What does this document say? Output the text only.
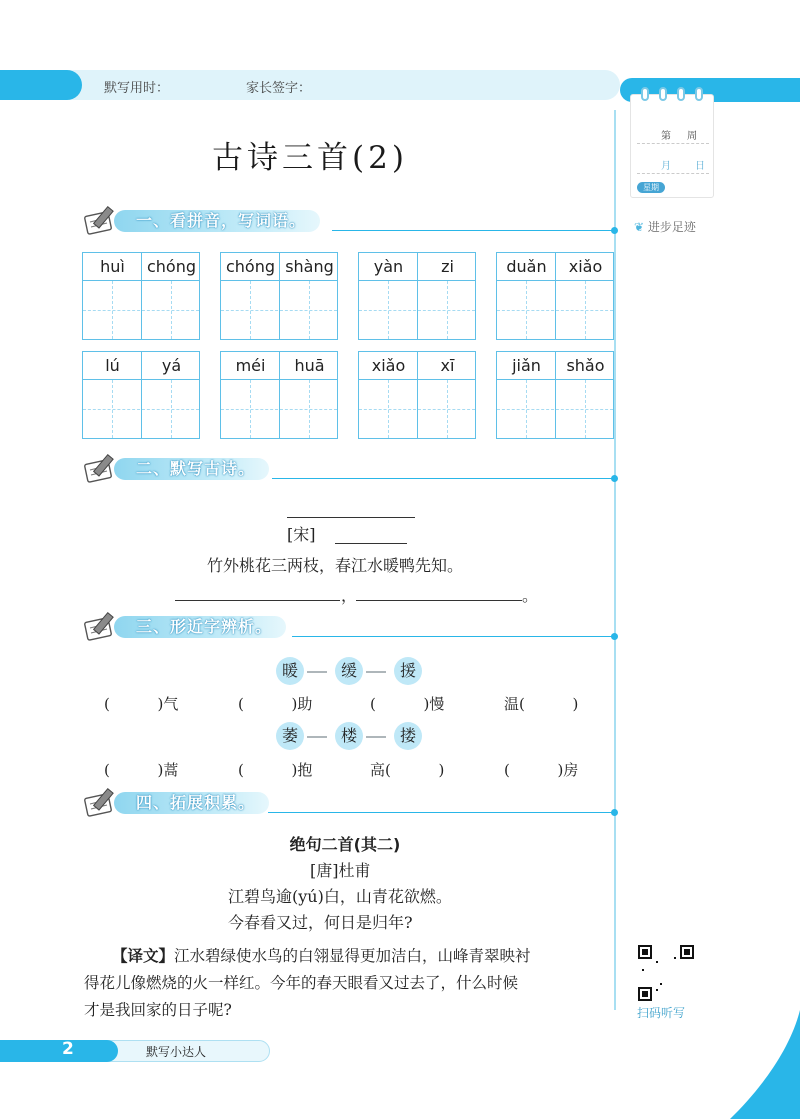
默写用时：	家长签字：
第 周
月 日
星期
❦ 进步足迹
古诗三首(2)
一、看拼音，写词语。
huì	chóng	chóng shàng	yàn	zi	duǎn	xiǎo
lú	yá	méi	huā	xiǎo	xī	jiǎn	shǎo
二、默写古诗。
[宋]
竹外桃花三两枝，春江水暖鸭先知。
，	。
三、形近字辨析。
暖	缓	援
(          )气	(          )助	(          )慢	温(          )
萎	楼	搂
(          )蒿	(          )抱	高(          )	(          )房
四、拓展积累。
绝句二首(其二)
[唐]杜甫
江碧鸟逾(yú)白，山青花欲燃。
今春看又过，何日是归年?
【译文】江水碧绿使水鸟的白翎显得更加洁白，山峰青翠映衬
得花儿像燃烧的火一样红。今年的春天眼看又过去了，什么时候
才是我回家的日子呢?	扫码听写
2	默写小达人
